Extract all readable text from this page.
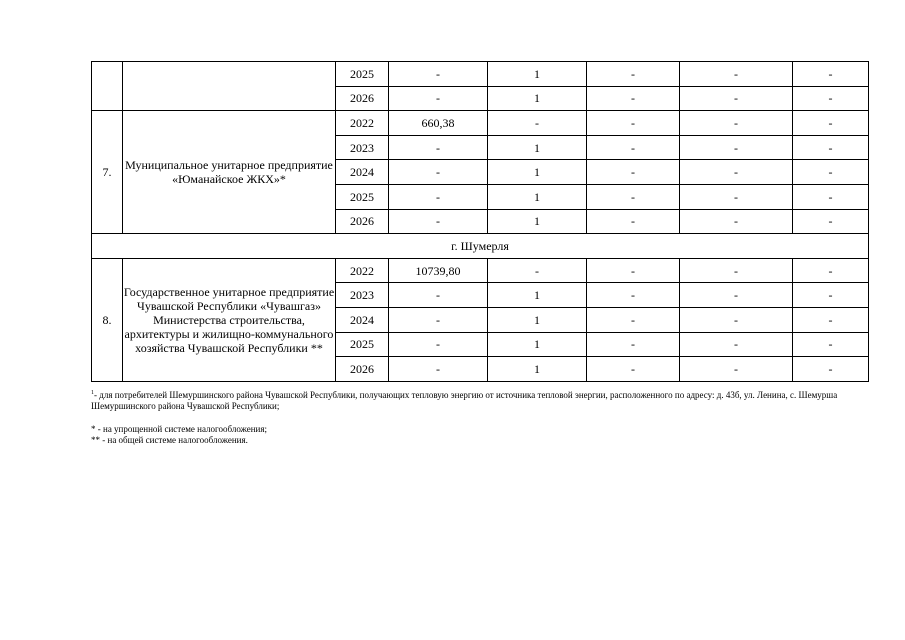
		2025	-	1	-	-	-
		2026	-	1	-	-	-
7.	Муниципальное унитарное предприятие «Юманайское ЖКХ»*	2022	660,38	-	-	-	-
		2023	-	1	-	-	-
		2024	-	1	-	-	-
		2025	-	1	-	-	-
		2026	-	1	-	-	-
г. Шумерля							
8.	Государственное унитарное предприятие Чувашской Республики «Чувашгаз» Министерства строительства, архитектуры и жилищно-коммунального хозяйства Чувашской Республики **	2022	10739,80	-	-	-	-
		2023	-	1	-	-	-
		2024	-	1	-	-	-
		2025	-	1	-	-	-
		2026	-	1	-	-	-

$^1$- для потребителей Шемуршинского района Чувашской Республики, получающих тепловую энергию от источника тепловой энергии, расположенного по адресу: д. 43б, ул. Ленина, с. Шемурша Шемуршинского района Чувашской Республики;

* - на упрощенной системе налогообложения;

** - на общей системе налогообложения.
